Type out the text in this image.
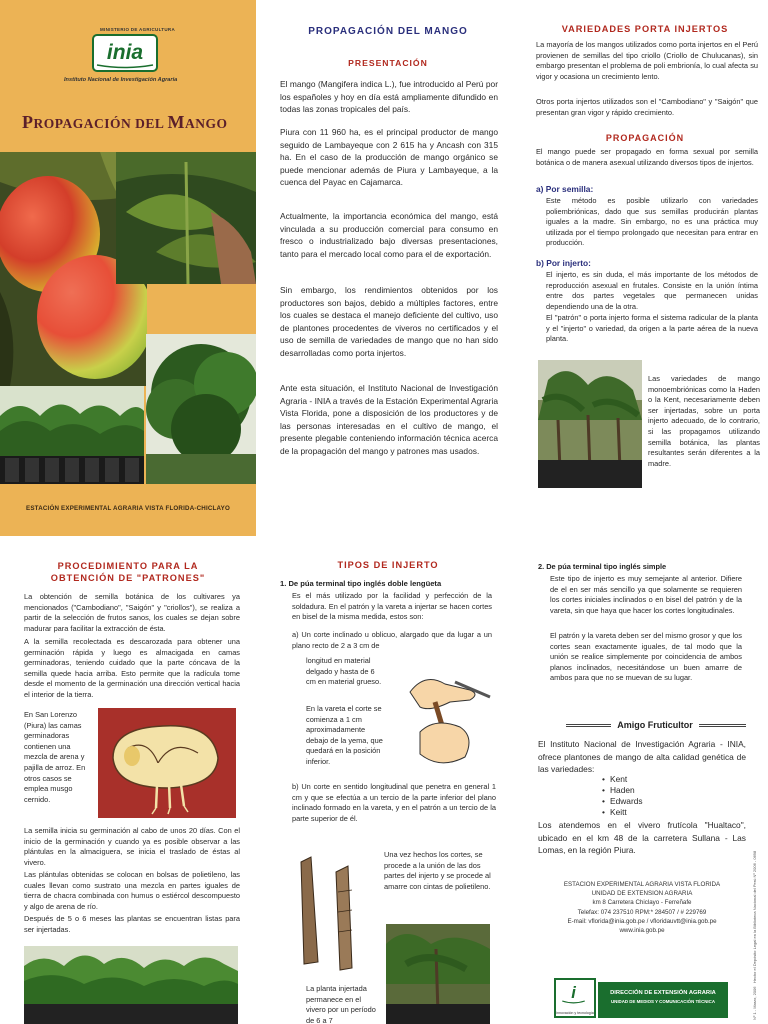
MINISTERIO DE AGRICULTURA
inia
Instituto Nacional de Investigación Agraria
PROPAGACIÓN DEL MANGO
ESTACIÓN EXPERIMENTAL AGRARIA VISTA FLORIDA-CHICLAYO
PROPAGACIÓN DEL MANGO
PRESENTACIÓN

El mango (Mangifera indica L.), fue introducido al Perú por los españoles y hoy en día está ampliamente difundido en todas las zonas tropicales del país.

Piura con 11 960 ha, es el principal productor de mango seguido de Lambayeque con 2 615 ha y Ancash con 315 ha. En el caso de la producción de mango orgánico se puede mencionar además de Piura y Lambayeque, a la cuenca del Payac en Cajamarca.

Actualmente, la importancia económica del mango, está vinculada a su producción comercial para consumo en fresco o industrializado bajo diversas presentaciones, tanto para el mercado local como para el de exportación.

Sin embargo, los rendimientos obtenidos por los productores son bajos, debido a múltiples factores, entre los cuales se destaca el manejo deficiente del cultivo, uso de plantones procedentes de viveros no certificados y el uso de semilla de variedades de mango que no han sido desarrolladas como porta injertos.

Ante esta situación, el Instituto Nacional de Investigación Agraria - INIA a través de la Estación Experimental Agraria Vista Florida, pone a disposición de los productores y de las personas interesadas en el cultivo de mango, el presente plegable conteniendo información técnica acerca de la propagación del mango y patrones mas usados.

VARIEDADES PORTA INJERTOS

La mayoría de los mangos utilizados como porta injertos en el Perú provienen de semillas del tipo criollo (Criollo de Chulucanas), sin embargo presentan el problema de poli embrionía, lo cual afecta su vigor y ocasiona un crecimiento lento.

Otros porta injertos utilizados son el "Cambodiano" y "Saigón" que presentan gran vigor y rápido crecimiento.

PROPAGACIÓN

El mango puede ser propagado en forma sexual por semilla botánica o de manera asexual utilizando diversos tipos de injertos.

a) Por semilla:

Este método es posible utilizarlo con variedades poliembriónicas, dado que sus semillas producirán plantas iguales a la madre. Sin embargo, no es una práctica muy utilizada por el tiempo prolongado que necesitan para entrar en producción.

b) Por injerto:

El injerto, es sin duda, el más importante de los métodos de reproducción asexual en frutales. Consiste en la unión íntima entre dos partes vegetales que permanecen unidas dependiendo una de la otra.

El "patrón" o porta injerto forma el sistema radicular de la planta y el "injerto" o variedad, da origen a la parte aérea de la nueva planta.

Las variedades de mango monoembriónicas como la Haden o la Kent, necesariamente deben ser injertadas, sobre un porta injerto adecuado, de lo contrario, si las propagamos utilizando semilla botánica, las plantas resultantes serán diferentes a la madre.

PROCEDIMIENTO PARA LA OBTENCIÓN DE "PATRONES"

La obtención de semilla botánica de los cultivares ya mencionados ("Cambodiano", "Saigón" y "criollos"), se realiza a partir de la selección de frutos sanos, los cuales se dejan sobre madurar para facilitar la extracción de ésta.

A la semilla recolectada es descarozada para obtener una germinación rápida y luego es almacigada en camas germinadoras, teniendo cuidado que la parte cóncava de la semilla quede hacia arriba. Esto permite que la radícula tome desde el momento de la germinación una dirección vertical hacia el interior de la tierra.

En San Lorenzo (Piura) las camas germinadoras contienen una mezcla de arena y pajilla de arroz. En otros casos se emplea musgo cernido.

La semilla inicia su germinación al cabo de unos 20 días. Con el inicio de la germinación y cuando ya es posible observar a las plántulas en la almaciguera, se inicia el traslado de éstas al vivero.

Las plántulas obtenidas se colocan en bolsas de polietileno, las cuales llevan como sustrato una mezcla en partes iguales de tierra de chacra combinada con humus o estiércol descompuesto y algo de arena de río.

Después de 5 o 6 meses las plantas se encuentran listas para ser injertadas.

TIPOS DE INJERTO
1. De púa terminal tipo inglés doble lengüeta

Es el más utilizado por la facilidad y perfección de la soldadura. En el patrón y la vareta a injertar se hacen cortes en bisel de la misma medida, estos son:

a) Un corte inclinado u oblicuo, alargado que da lugar a un plano recto de 2 a 3 cm de

longitud en material delgado y hasta de 6 cm en material grueso.

En la vareta el corte se comienza a 1 cm aproximadamente debajo de la yema, que quedará en la posición inferior.

b) Un corte en sentido longitudinal que penetra en general 1 cm y que se efectúa a un tercio de la parte inferior del plano inclinado formado en la vareta, y en el patrón a un tercio de la parte superior de él.

Una vez hechos los cortes, se procede a la unión de las dos partes del injerto y se procede al amarre con cintas de polietileno.

La planta injertada permanece en el vivero por un período de 6 a 7

2. De púa terminal tipo inglés simple

Este tipo de injerto es muy semejante al anterior. Difiere de el en ser más sencillo ya que solamente se requieren los cortes iniciales inclinados o en bisel del patrón y de la vareta, sin que haya que hacer los cortes longitudinales.

El patrón y la vareta deben ser del mismo grosor y que los cortes sean exactamente iguales, de tal modo que la unión se realice simplemente por coincidencia de ambos planos inclinados, necesitándose un buen amarre de ambos para que no se muevan de su lugar.

Amigo Fruticultor

El Instituto Nacional de Investigación Agraria - INIA, ofrece plantones de mango de alta calidad genética de las variedades:

• Kent
• Haden
• Edwards
• Keitt

Los atendemos en el vivero frutícola "Hualtaco", ubicado en el km 48 de la carretera Sullana - Las Lomas, en la región Piura.

ESTACION EXPERIMENTAL AGRARIA VISTA FLORIDA
UNIDAD DE EXTENSION AGRARIA
km 8 Carretera Chiclayo - Ferreñafe
Telefax: 074 237510 RPM:* 284507 / # 229769
E-mail: vflorida@inia.gob.pe / vfloridauvtt@inia.gob.pe
www.inia.gob.pe
i
innovación y tecnología
DIRECCIÓN DE EXTENSIÓN AGRARIA
UNIDAD DE MEDIOS Y COMUNICACIÓN TÉCNICA	Nº 1 - Marzo, 2006   Hecho el Depósito Legal en la Biblioteca Nacional del Perú Nº 2006 - 0698
